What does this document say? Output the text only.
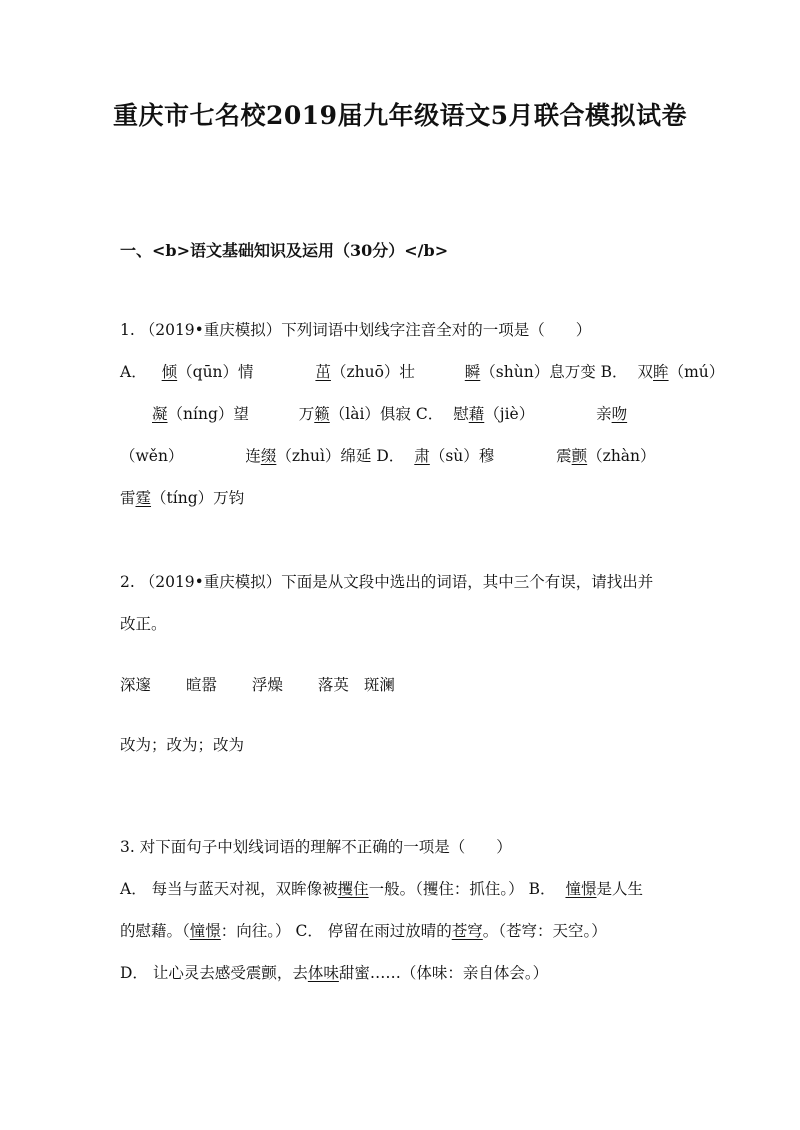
重庆市七名校2019届九年级语文5月联合模拟试卷
一、<b>语文基础知识及运用（30分）</b>
1. （2019•重庆模拟）下列词语中划线字注音全对的一项是（　　）
A． 倾（qūn）情	茁（zhuō）壮	瞬（shùn）息万变 B． 双眸（mú）
凝（níng）望	万籁（lài）俱寂 C． 慰藉（jiè）	亲吻
（wěn）	连缀（zhuì）绵延 D． 肃（sù）穆	震颤（zhàn）
雷霆（tíng）万钧
2. （2019•重庆模拟）下面是从文段中选出的词语，其中三个有误，请找出并
改正。
深邃 暄嚣 浮燥 落英 斑澜
改为；改为；改为
3. 对下面句子中划线词语的理解不正确的一项是（　　）
A． 每当与蓝天对视，双眸像被攫住一般。（攫住：抓住。） B． 憧憬是人生
的慰藉。（憧憬：向往。） C． 停留在雨过放晴的苍穹。（苍穹：天空。）
D． 让心灵去感受震颤，去体味甜蜜……（体味：亲自体会。）
